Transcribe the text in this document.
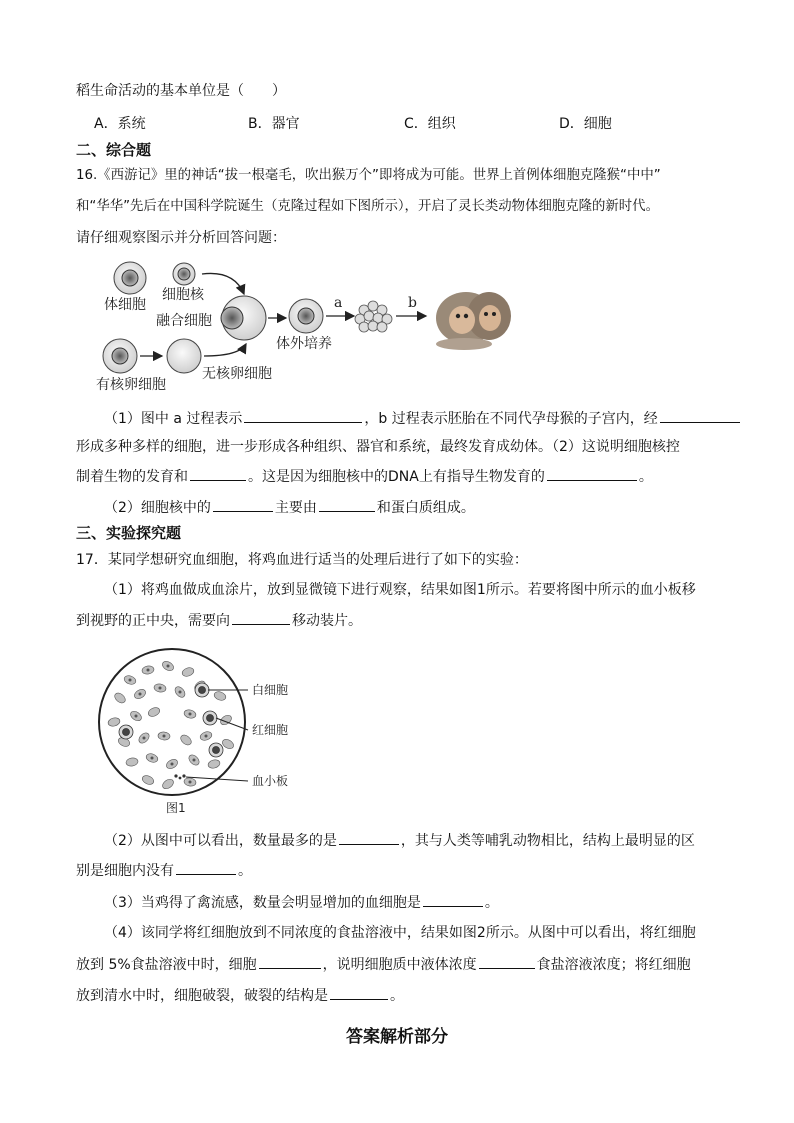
稻生命活动的基本单位是（　　）
A．系统	B．器官	C．组织	D．细胞
二、综合题
16.《西游记》里的神话“拔一根毫毛，吹出猴万个”即将成为可能。世界上首例体细胞克隆猴“中中”
和“华华”先后在中国科学院诞生（克隆过程如下图所示），开启了灵长类动物体细胞克隆的新时代。
请仔细观察图示并分析回答问题：
体细胞
细胞核
融合细胞
体外培养
a	b
有核卵细胞
无核卵细胞
（1）图中 a 过程表示	，b 过程表示胚胎在不同代孕母猴的子宫内，经
形成多种多样的细胞，进一步形成各种组织、器官和系统，最终发育成幼体。（2）这说明细胞核控
制着生物的发育和	。这是因为细胞核中的DNA上有指导生物发育的	。
（2）细胞核中的	主要由	和蛋白质组成。
三、实验探究题
17．某同学想研究血细胞，将鸡血进行适当的处理后进行了如下的实验：
（1）将鸡血做成血涂片，放到显微镜下进行观察，结果如图1所示。若要将图中所示的血小板移
到视野的正中央，需要向	移动装片。
白细胞
红细胞
血小板
图1
（2）从图中可以看出，数量最多的是	，其与人类等哺乳动物相比，结构上最明显的区
别是细胞内没有	。
（3）当鸡得了禽流感，数量会明显增加的血细胞是	。
（4）该同学将红细胞放到不同浓度的食盐溶液中，结果如图2所示。从图中可以看出，将红细胞
放到 5%食盐溶液中时，细胞	，说明细胞质中液体浓度	食盐溶液浓度；将红细胞
放到清水中时，细胞破裂，破裂的结构是	。
答案解析部分
